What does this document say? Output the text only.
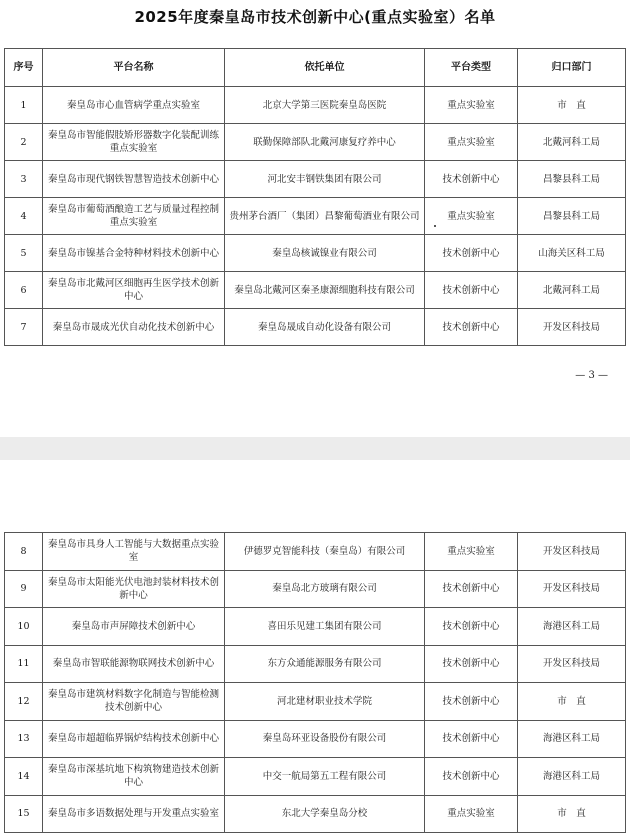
2025年度秦皇岛市技术创新中心(重点实验室）名单
序号	平台名称	依托单位	平台类型	归口部门
1	秦皇岛市心血管病学重点实验室	北京大学第三医院秦皇岛医院	重点实验室	市　直
2	秦皇岛市智能假肢矫形器数字化装配训练重点实验室	联勤保障部队北戴河康复疗养中心	重点实验室	北戴河科工局
3	秦皇岛市现代钢铁智慧智造技术创新中心	河北安丰钢铁集团有限公司	技术创新中心	昌黎县科工局
4	秦皇岛市葡萄酒酿造工艺与质量过程控制重点实验室	贵州茅台酒厂（集团）昌黎葡萄酒业有限公司	重点实验室	昌黎县科工局
5	秦皇岛市镍基合金特种材料技术创新中心	秦皇岛核诚镍业有限公司	技术创新中心	山海关区科工局
6	秦皇岛市北戴河区细胞再生医学技术创新中心	秦皇岛北戴河区秦圣康源细胞科技有限公司	技术创新中心	北戴河科工局
7	秦皇岛市晟成光伏自动化技术创新中心	秦皇岛晟成自动化设备有限公司	技术创新中心	开发区科技局
— 3 —
8	秦皇岛市具身人工智能与大数据重点实验室	伊德罗克智能科技（秦皇岛）有限公司	重点实验室	开发区科技局
9	秦皇岛市太阳能光伏电池封装材料技术创新中心	秦皇岛北方玻璃有限公司	技术创新中心	开发区科技局
10	秦皇岛市声屏障技术创新中心	喜田乐见建工集团有限公司	技术创新中心	海港区科工局
11	秦皇岛市智联能源物联网技术创新中心	东方众通能源服务有限公司	技术创新中心	开发区科技局
12	秦皇岛市建筑材料数字化制造与智能检测技术创新中心	河北建材职业技术学院	技术创新中心	市　直
13	秦皇岛市超超临界锅炉结构技术创新中心	秦皇岛环亚设备股份有限公司	技术创新中心	海港区科工局
14	秦皇岛市深基坑地下构筑物建造技术创新中心	中交一航局第五工程有限公司	技术创新中心	海港区科工局
15	秦皇岛市多语数据处理与开发重点实验室	东北大学秦皇岛分校	重点实验室	市　直
